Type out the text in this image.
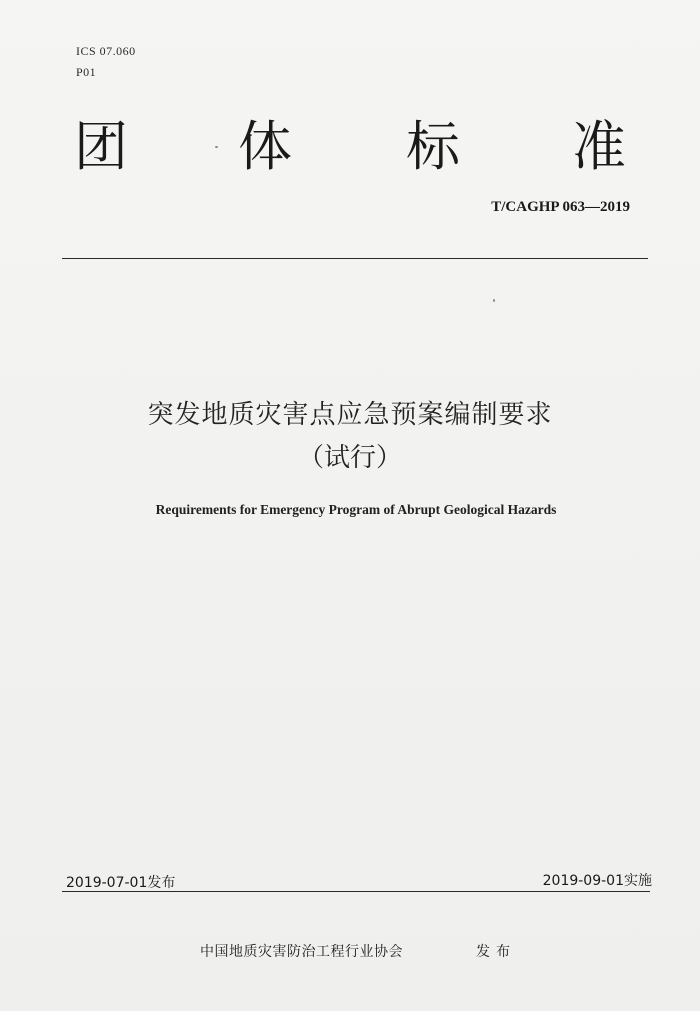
ICS 07.060
P01
团 体 标 准
T/CAGHP 063—2019
突发地质灾害点应急预案编制要求
（试行）
Requirements for Emergency Program of Abrupt Geological Hazards
2019-07-01发布	2019-09-01实施
中国地质灾害防治工程行业协会	发布
